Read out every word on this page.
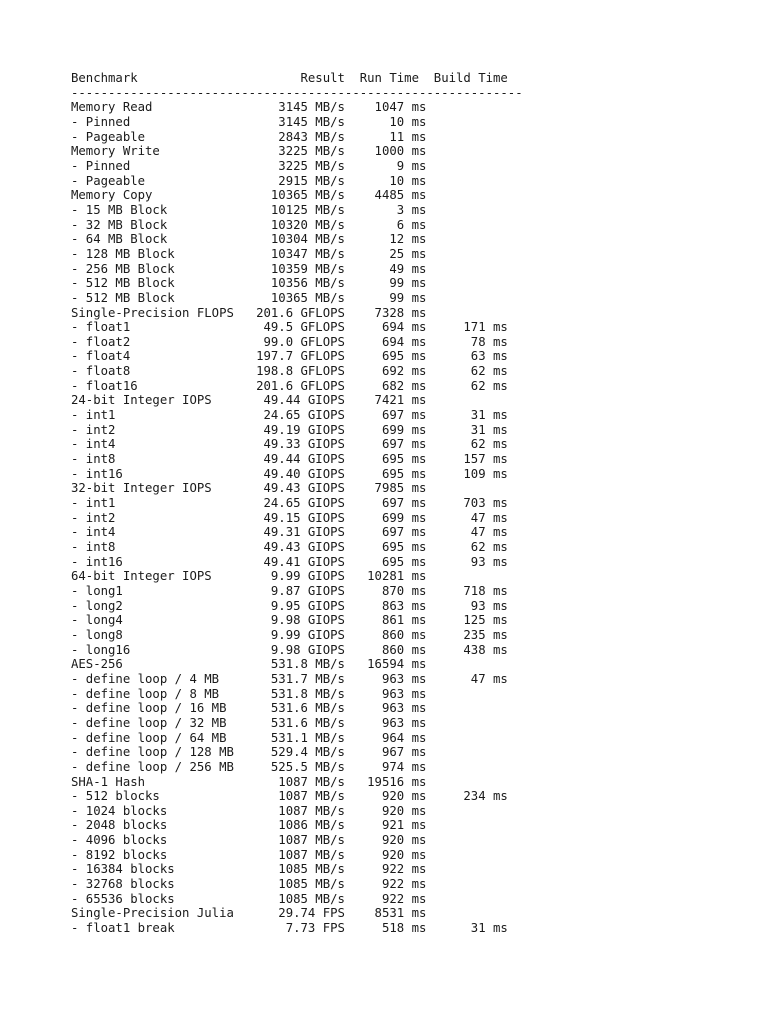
Benchmark                      Result  Run Time  Build Time
-------------------------------------------------------------
Memory Read                 3145 MB/s    1047 ms
- Pinned                    3145 MB/s      10 ms
- Pageable                  2843 MB/s      11 ms
Memory Write                3225 MB/s    1000 ms
- Pinned                    3225 MB/s       9 ms
- Pageable                  2915 MB/s      10 ms
Memory Copy                10365 MB/s    4485 ms
- 15 MB Block              10125 MB/s       3 ms
- 32 MB Block              10320 MB/s       6 ms
- 64 MB Block              10304 MB/s      12 ms
- 128 MB Block             10347 MB/s      25 ms
- 256 MB Block             10359 MB/s      49 ms
- 512 MB Block             10356 MB/s      99 ms
- 512 MB Block             10365 MB/s      99 ms
Single-Precision FLOPS   201.6 GFLOPS    7328 ms
- float1                  49.5 GFLOPS     694 ms     171 ms
- float2                  99.0 GFLOPS     694 ms      78 ms
- float4                 197.7 GFLOPS     695 ms      63 ms
- float8                 198.8 GFLOPS     692 ms      62 ms
- float16                201.6 GFLOPS     682 ms      62 ms
24-bit Integer IOPS       49.44 GIOPS    7421 ms
- int1                    24.65 GIOPS     697 ms      31 ms
- int2                    49.19 GIOPS     699 ms      31 ms
- int4                    49.33 GIOPS     697 ms      62 ms
- int8                    49.44 GIOPS     695 ms     157 ms
- int16                   49.40 GIOPS     695 ms     109 ms
32-bit Integer IOPS       49.43 GIOPS    7985 ms
- int1                    24.65 GIOPS     697 ms     703 ms
- int2                    49.15 GIOPS     699 ms      47 ms
- int4                    49.31 GIOPS     697 ms      47 ms
- int8                    49.43 GIOPS     695 ms      62 ms
- int16                   49.41 GIOPS     695 ms      93 ms
64-bit Integer IOPS        9.99 GIOPS   10281 ms
- long1                    9.87 GIOPS     870 ms     718 ms
- long2                    9.95 GIOPS     863 ms      93 ms
- long4                    9.98 GIOPS     861 ms     125 ms
- long8                    9.99 GIOPS     860 ms     235 ms
- long16                   9.98 GIOPS     860 ms     438 ms
AES-256                    531.8 MB/s   16594 ms
- define loop / 4 MB       531.7 MB/s     963 ms      47 ms
- define loop / 8 MB       531.8 MB/s     963 ms
- define loop / 16 MB      531.6 MB/s     963 ms
- define loop / 32 MB      531.6 MB/s     963 ms
- define loop / 64 MB      531.1 MB/s     964 ms
- define loop / 128 MB     529.4 MB/s     967 ms
- define loop / 256 MB     525.5 MB/s     974 ms
SHA-1 Hash                  1087 MB/s   19516 ms
- 512 blocks                1087 MB/s     920 ms     234 ms
- 1024 blocks               1087 MB/s     920 ms
- 2048 blocks               1086 MB/s     921 ms
- 4096 blocks               1087 MB/s     920 ms
- 8192 blocks               1087 MB/s     920 ms
- 16384 blocks              1085 MB/s     922 ms
- 32768 blocks              1085 MB/s     922 ms
- 65536 blocks              1085 MB/s     922 ms
Single-Precision Julia      29.74 FPS    8531 ms
- float1 break               7.73 FPS     518 ms      31 ms
